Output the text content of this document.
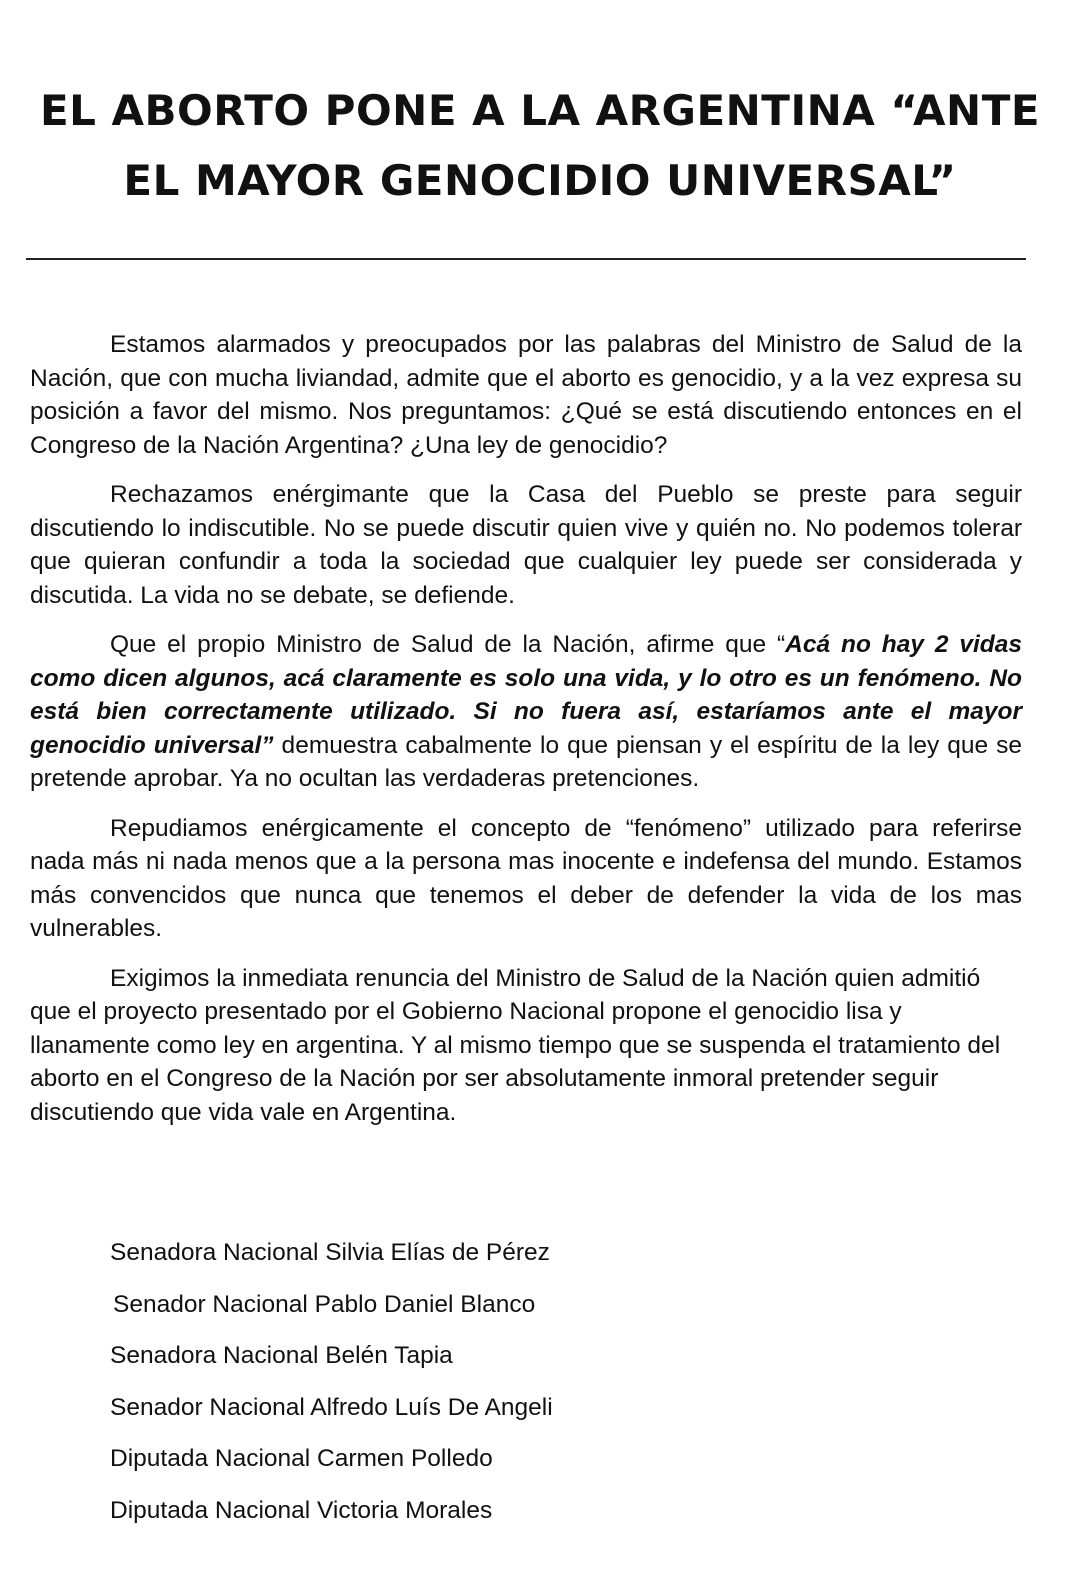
EL ABORTO PONE A LA ARGENTINA “ANTE
EL MAYOR GENOCIDIO UNIVERSAL”

Estamos alarmados y preocupados por las palabras del Ministro de Salud de la Nación, que con mucha liviandad, admite que el aborto es genocidio, y a la vez expresa su posición a favor del mismo. Nos preguntamos: ¿Qué se está discutiendo entonces en el Congreso de la Nación Argentina? ¿Una ley de genocidio?

Rechazamos enérgimante que la Casa del Pueblo se preste para seguir discutiendo lo indiscutible. No se puede discutir quien vive y quién no. No podemos tolerar que quieran confundir a toda la sociedad que cualquier ley puede ser considerada y discutida. La vida no se debate, se defiende.

Que el propio Ministro de Salud de la Nación, afirme que “Acá no hay 2 vidas como dicen algunos, acá claramente es solo una vida, y lo otro es un fenómeno. No está bien correctamente utilizado. Si no fuera así, estaríamos ante el mayor genocidio universal” demuestra cabalmente lo que piensan y el espíritu de la ley que se pretende aprobar. Ya no ocultan las verdaderas pretenciones.

Repudiamos enérgicamente el concepto de “fenómeno” utilizado para referirse nada más ni nada menos que a la persona mas inocente e indefensa del mundo. Estamos más convencidos que nunca que tenemos el deber de defender la vida de los mas vulnerables.

Exigimos la inmediata renuncia del Ministro de Salud de la Nación quien admitió que el proyecto presentado por el Gobierno Nacional propone el genocidio lisa y llanamente como ley en argentina. Y al mismo tiempo que se suspenda el tratamiento del aborto en el Congreso de la Nación por ser absolutamente inmoral pretender seguir discutiendo que vida vale en Argentina.

Senadora Nacional Silvia Elías de Pérez
Senador Nacional Pablo Daniel Blanco
Senadora Nacional Belén Tapia
Senador Nacional Alfredo Luís De Angeli
Diputada Nacional Carmen Polledo
Diputada Nacional Victoria Morales
